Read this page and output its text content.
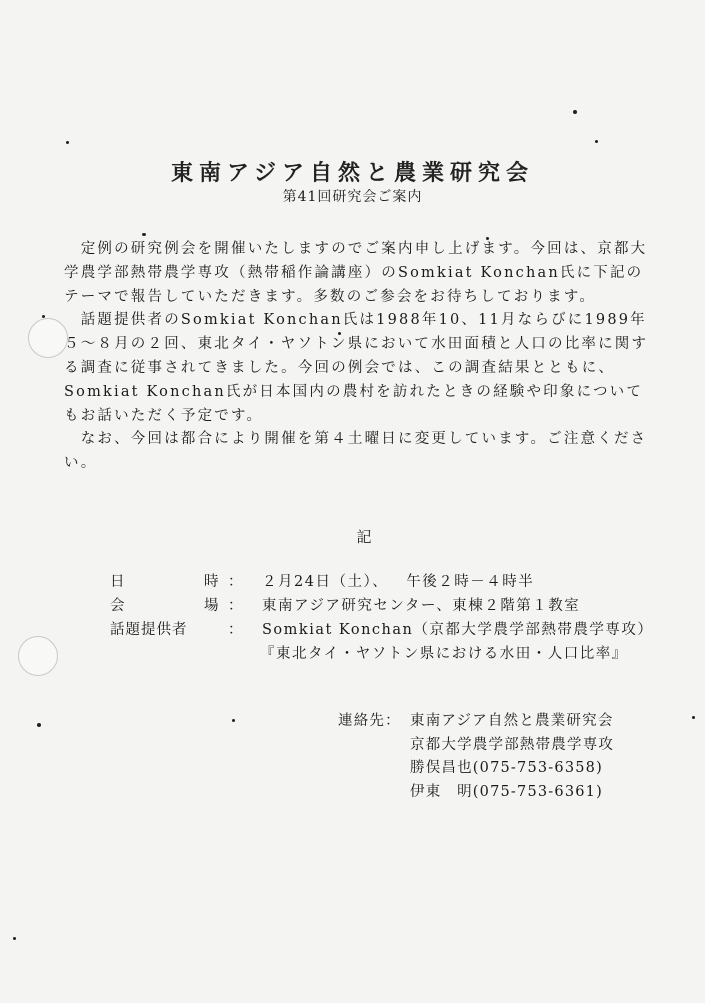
東南アジア自然と農業研究会
第41回研究会ご案内

　定例の研究例会を開催いたしますのでご案内申し上げます。今回は、京都大学農学部熱帯農学専攻（熱帯稲作論講座）のSomkiat Konchan氏に下記のテーマで報告していただきます。多数のご参会をお待ちしております。

　話題提供者のSomkiat Konchan氏は1988年10、11月ならびに1989年５～８月の２回、東北タイ・ヤソトン県において水田面積と人口の比率に関する調査に従事されてきました。今回の例会では、この調査結果とともに、Somkiat Konchan氏が日本国内の農村を訪れたときの経験や印象についてもお話いただく予定です。

　なお、今回は都合により開催を第４土曜日に変更しています。ご注意ください。

記
日	時 ：	２月24日（土）、 午後２時－４時半
会	場 ：	東南アジア研究センター、東棟２階第１教室
話題提供者	：	Somkiat Konchan（京都大学農学部熱帯農学専攻）
『東北タイ・ヤソトン県における水田・人口比率』
連絡先： 東南アジア自然と農業研究会
京都大学農学部熱帯農学専攻
勝俣昌也(075-753-6358)
伊東　明(075-753-6361)
